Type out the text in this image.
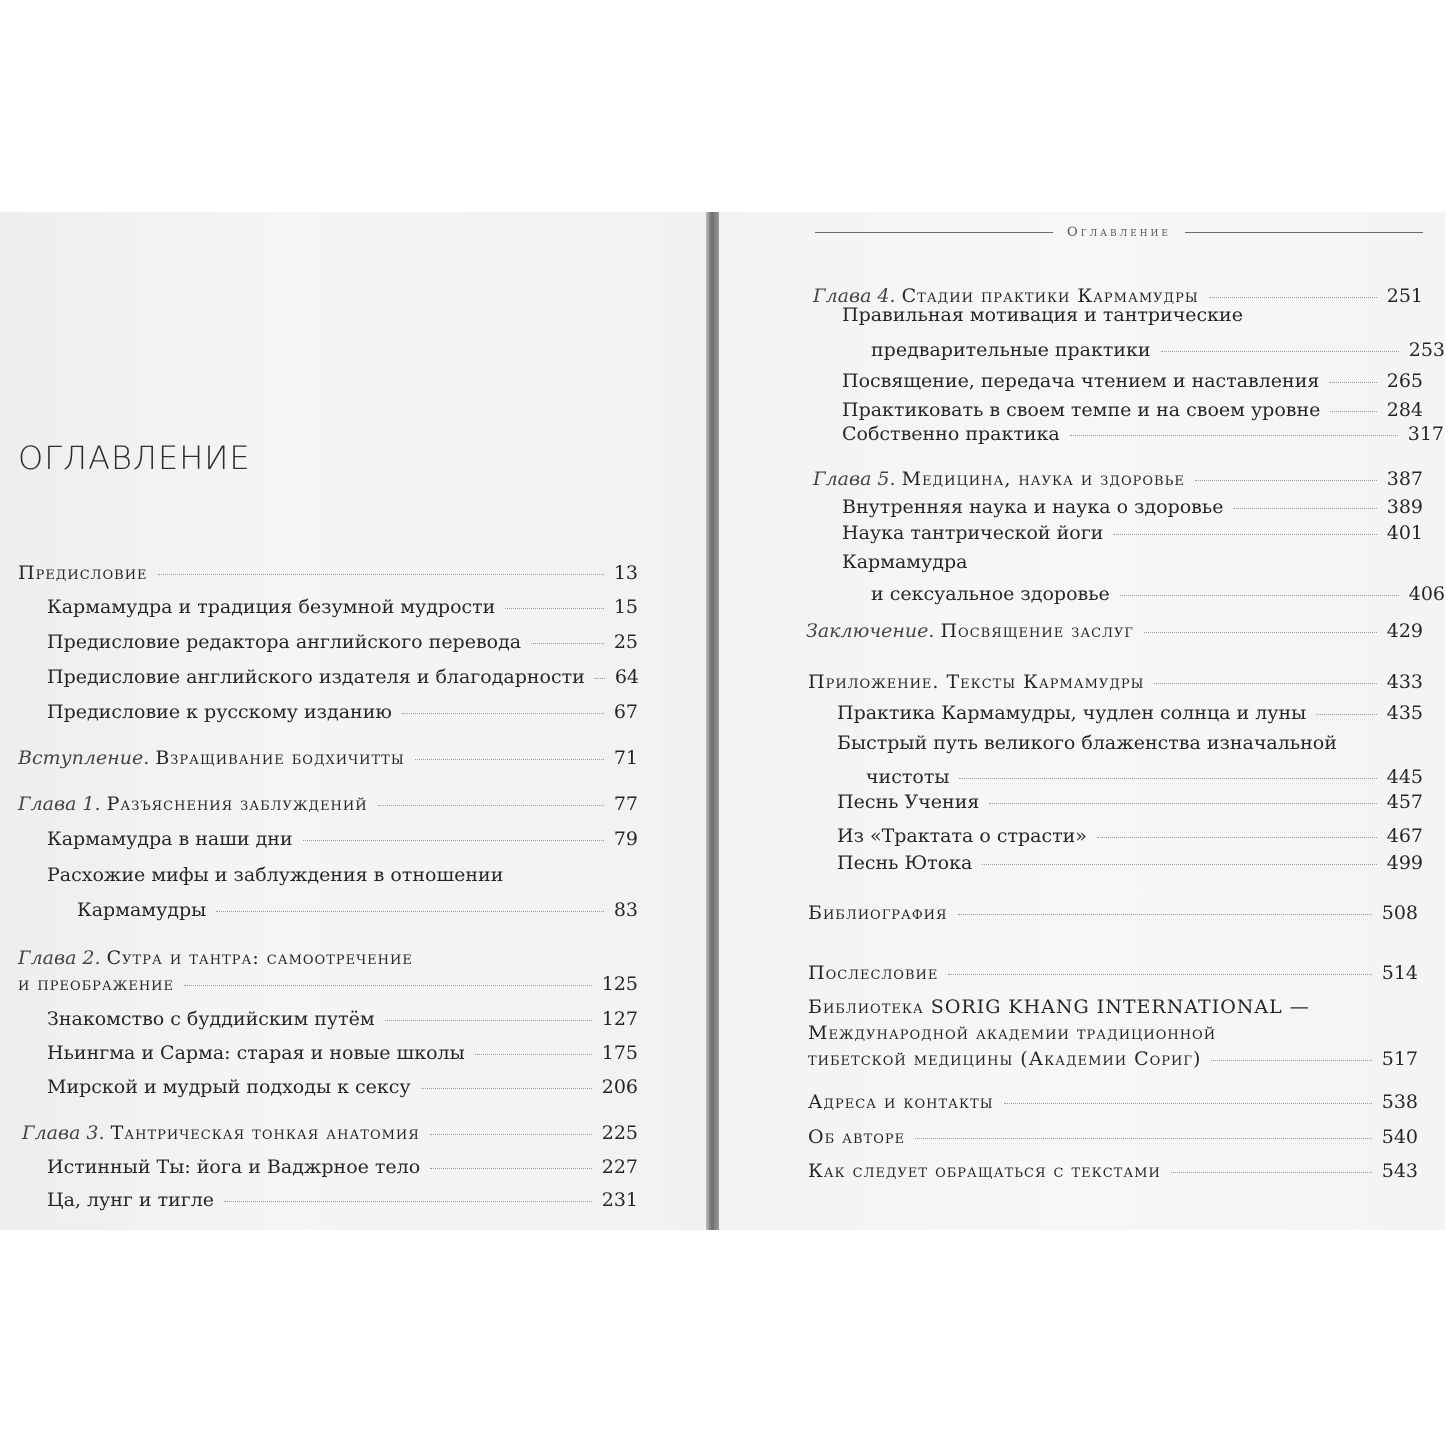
ОГЛАВЛЕНИЕ
Предисловие	13
Кармамудра и традиция безумной мудрости	15
Предисловие редактора английского перевода	25
Предисловие английского издателя и благодарности 64
Предисловие к русскому изданию	67
Вступление. Взращивание бодхичитты	71
Глава 1. Разъяснения заблуждений	77
Кармамудра в наши дни	79
Расхожие мифы и заблуждения в отношении
Кармамудры	83
Глава 2. Сутра и тантра: самоотречение
и преображение	125
Знакомство с буддийским путём	127
Ньингма и Сарма: старая и новые школы	175
Мирской и мудрый подходы к сексу	206
Глава 3. Тантрическая тонкая анатомия	225
Истинный Ты: йога и Ваджрное тело	227
Ца, лунг и тигле	231
Оглавление
Глава 4. Стадии практики Кармамудры	251
Правильная мотивация и тантрические
предварительные практики	253
Посвящение, передача чтением и наставления	265
Практиковать в своем темпе и на своем уровне	284
Собственно практика	317
Глава 5. Медицина, наука и здоровье	387
Внутренняя наука и наука о здоровье	389
Наука тантрической йоги	401
Кармамудра
и сексуальное здоровье	406
Заключение. Посвящение заслуг	429
Приложение. Тексты Кармамудры	433
Практика Кармамудры, чудлен солнца и луны	435
Быстрый путь великого блаженства изначальной
чистоты	445
Песнь Учения	457
Из «Трактата о страсти»	467
Песнь Ютока	499
Библиография	508
Послесловие	514
Библиотека SORIG KHANG INTERNATIONAL —
Международной академии традиционной
тибетской медицины (Академии Сориг)	517
Адреса и контакты	538
Об авторе	540
Как следует обращаться с текстами	543
